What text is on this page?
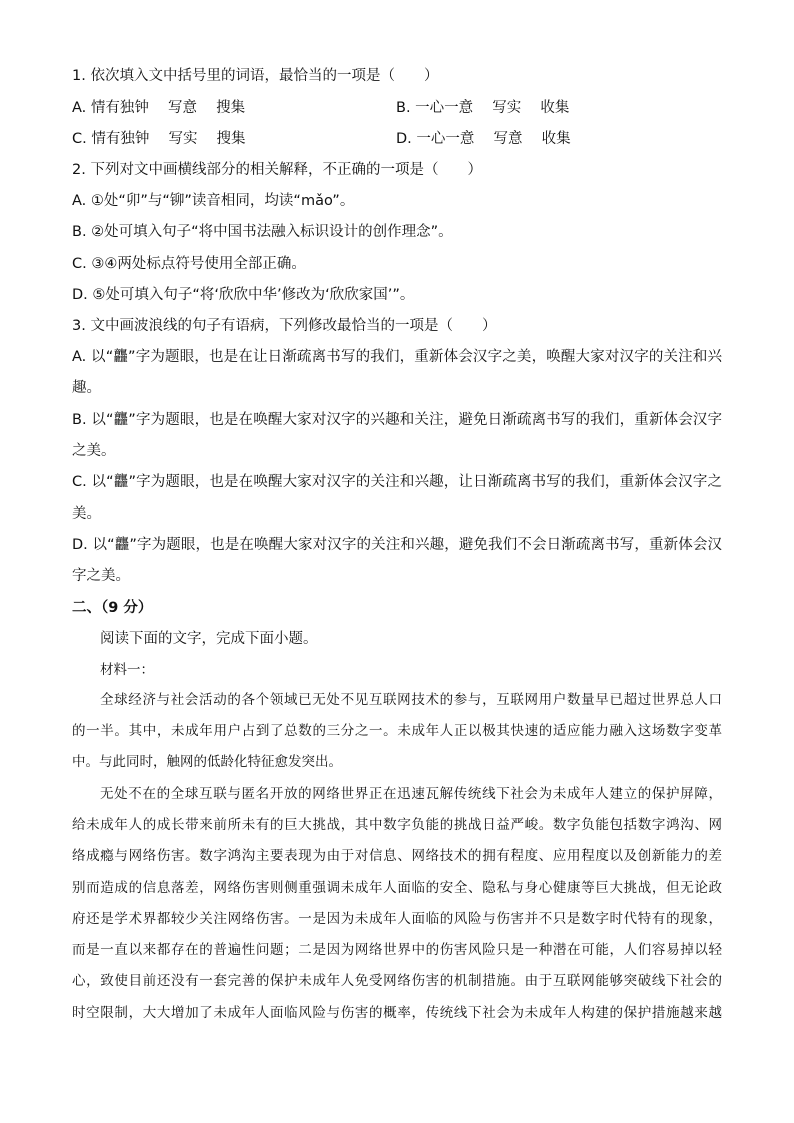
1. 依次填入文中括号里的词语，最恰当的一项是（　　）
A. 情有独钟　 写意　 搜集	B. 一心一意　 写实　 收集
C. 情有独钟　 写实　 搜集	D. 一心一意　 写意　 收集
2. 下列对文中画横线部分的相关解释，不正确的一项是（　　）
A. ①处“卯”与“铆”读音相同，均读“mǎo”。
B. ②处可填入句子“将中国书法融入标识设计的创作理念”。
C. ③④两处标点符号使用全部正确。
D. ⑤处可填入句子“将‘欣欣中华’修改为‘欣欣家国’”。
3. 文中画波浪线的句子有语病，下列修改最恰当的一项是（　　）
A. 以“龘”字为题眼，也是在让日渐疏离书写的我们，重新体会汉字之美，唤醒大家对汉字的关注和兴
趣。
B. 以“龘”字为题眼，也是在唤醒大家对汉字的兴趣和关注，避免日渐疏离书写的我们，重新体会汉字
之美。
C. 以“龘”字为题眼，也是在唤醒大家对汉字的关注和兴趣，让日渐疏离书写的我们，重新体会汉字之
美。
D. 以“龘”字为题眼，也是在唤醒大家对汉字的关注和兴趣，避免我们不会日渐疏离书写，重新体会汉
字之美。
二、（9 分）
阅读下面的文字，完成下面小题。
材料一：
全球经济与社会活动的各个领域已无处不见互联网技术的参与，互联网用户数量早已超过世界总人口
的一半。其中，未成年用户占到了总数的三分之一。未成年人正以极其快速的适应能力融入这场数字变革
中。与此同时，触网的低龄化特征愈发突出。
无处不在的全球互联与匿名开放的网络世界正在迅速瓦解传统线下社会为未成年人建立的保护屏障，
给未成年人的成长带来前所未有的巨大挑战，其中数字负能的挑战日益严峻。数字负能包括数字鸿沟、网
络成瘾与网络伤害。数字鸿沟主要表现为由于对信息、网络技术的拥有程度、应用程度以及创新能力的差
别而造成的信息落差，网络伤害则侧重强调未成年人面临的安全、隐私与身心健康等巨大挑战，但无论政
府还是学术界都较少关注网络伤害。一是因为未成年人面临的风险与伤害并不只是数字时代特有的现象，
而是一直以来都存在的普遍性问题；二是因为网络世界中的伤害风险只是一种潜在可能，人们容易掉以轻
心，致使目前还没有一套完善的保护未成年人免受网络伤害的机制措施。由于互联网能够突破线下社会的
时空限制，大大增加了未成年人面临风险与伤害的概率，传统线下社会为未成年人构建的保护措施越来越
